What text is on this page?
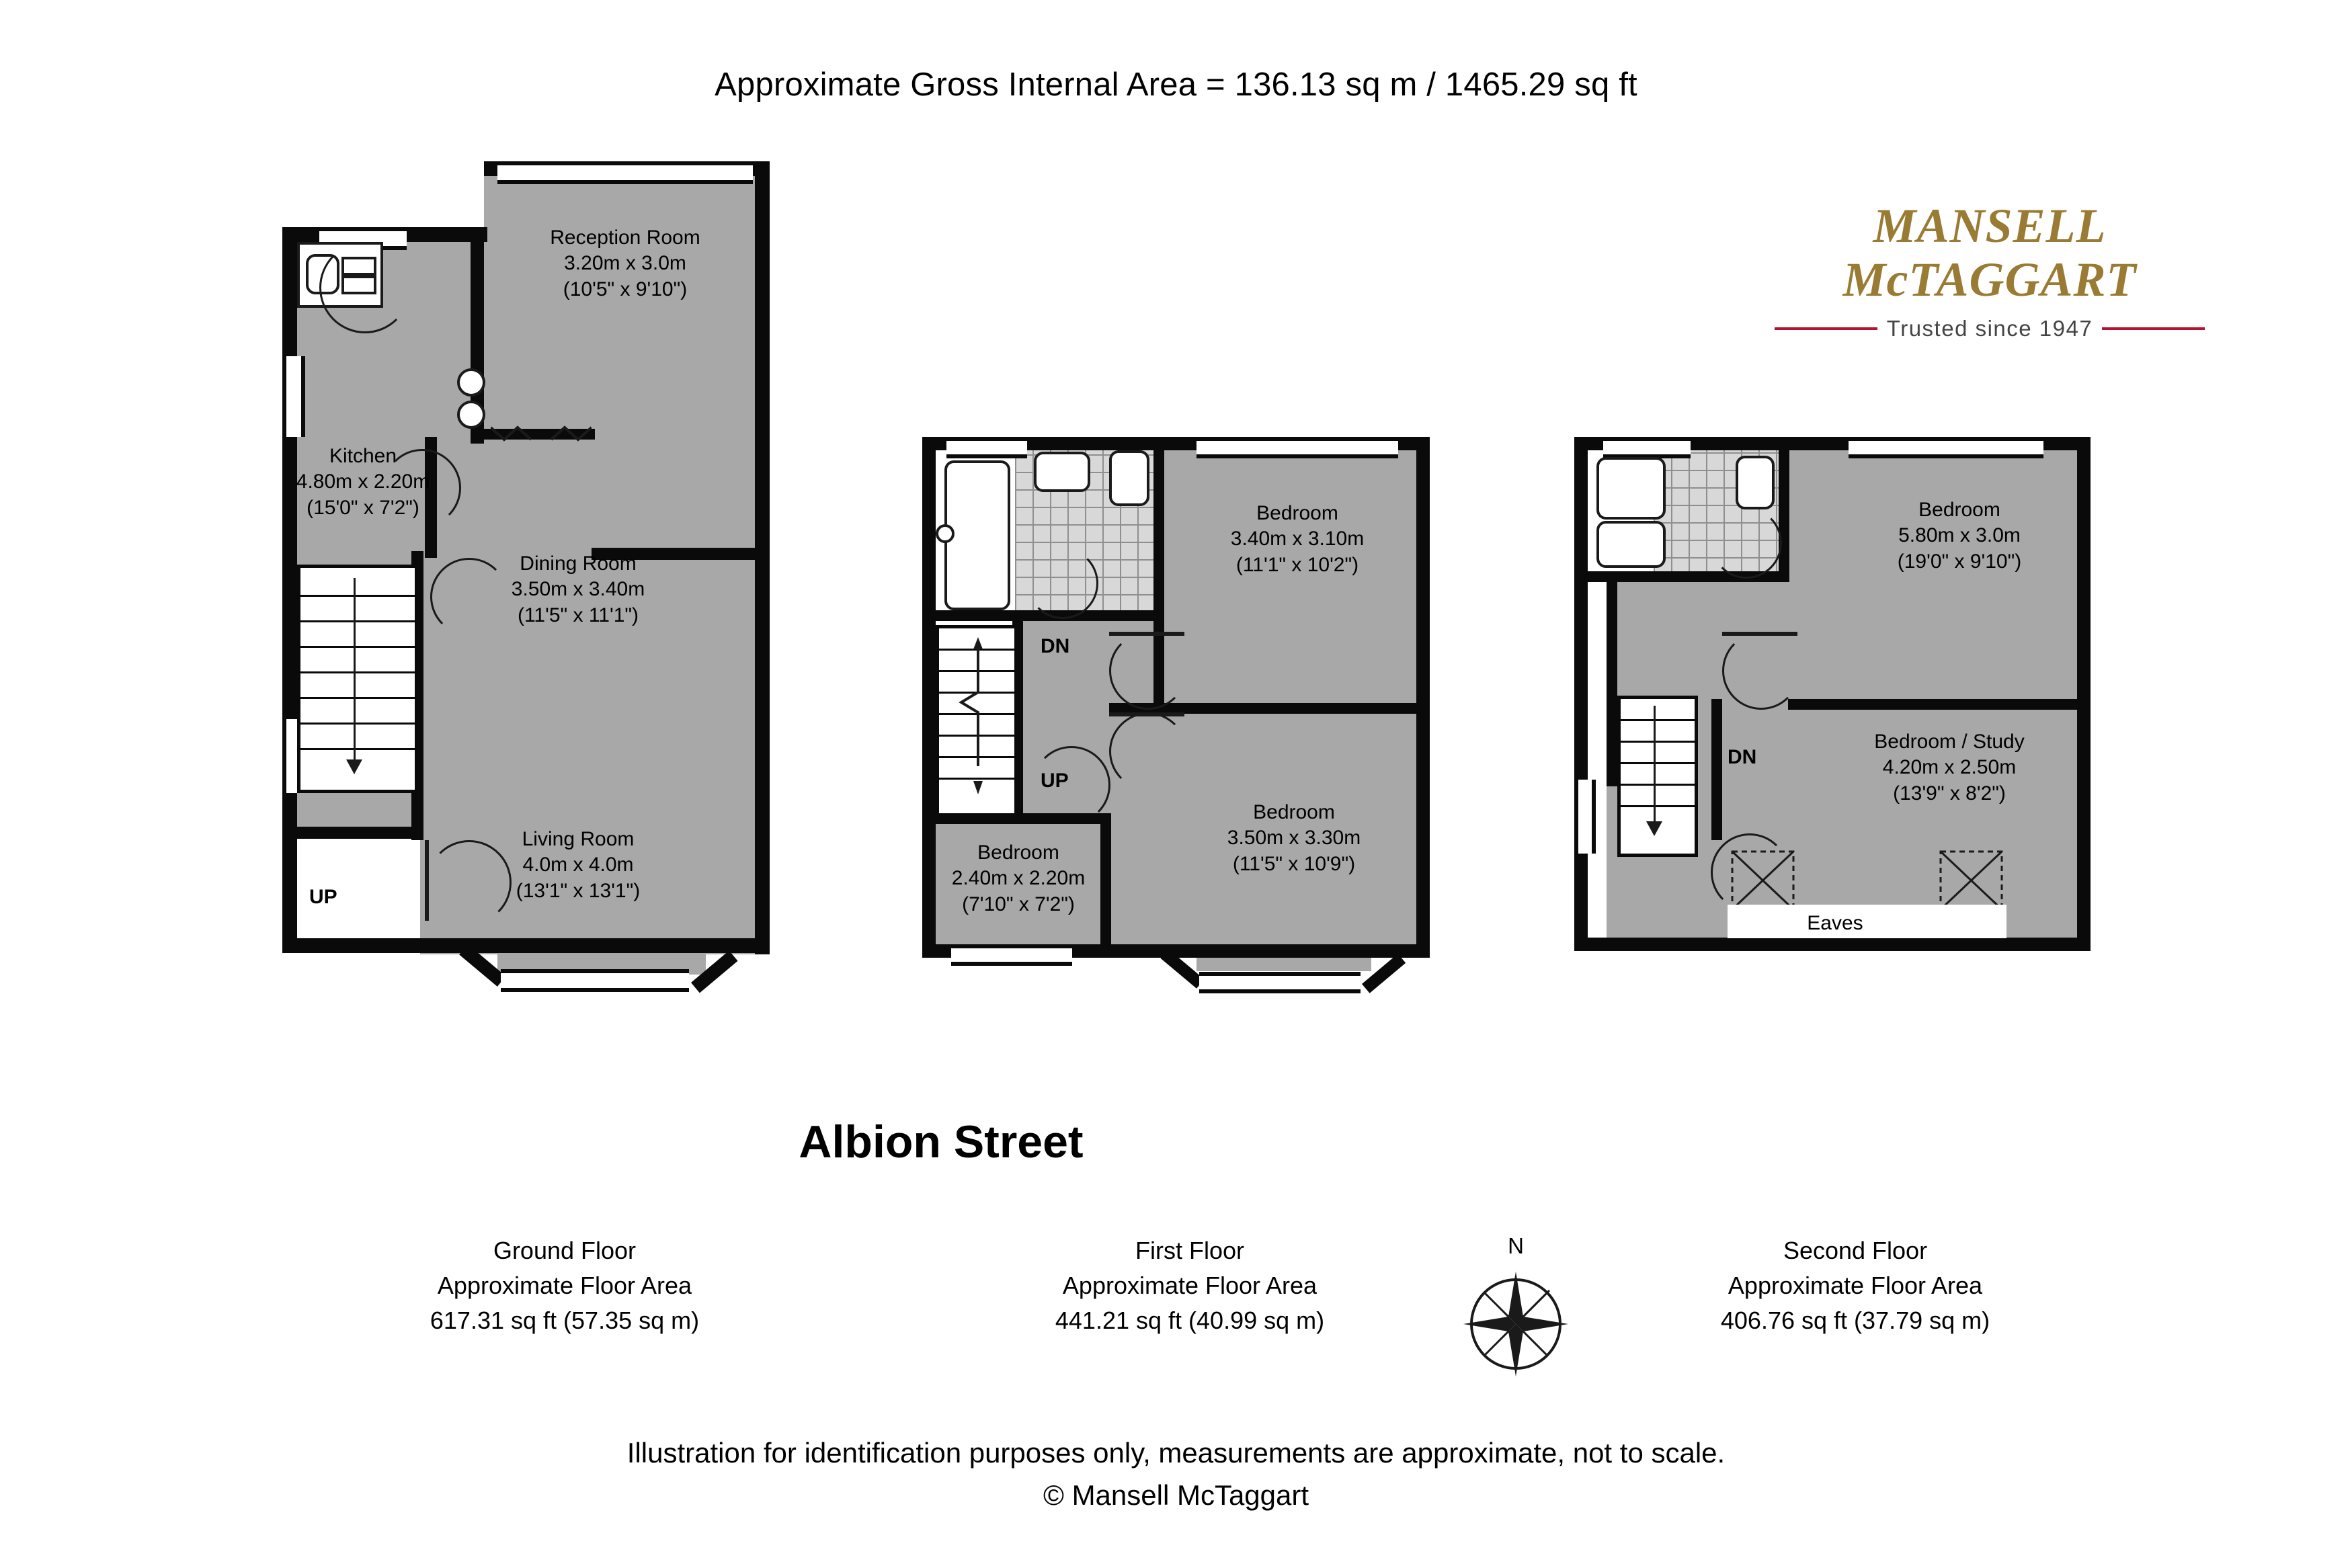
Approximate Gross Internal Area = 136.13 sq m / 1465.29 sq ft
MANSELL
McTAGGART
Trusted since 1947
Reception Room
3.20m x 3.0m
(10'5" x 9'10")
Kitchen
4.80m x 2.20m
(15'0" x 7'2")
Dining Room
3.50m x 3.40m
(11'5" x 11'1")
Living Room
4.0m x 4.0m
(13'1" x 13'1")
UP
Bedroom
3.40m x 3.10m
(11'1" x 10'2")
Bedroom
3.50m x 3.30m
(11'5" x 10'9")
Bedroom
2.40m x 2.20m
(7'10" x 7'2")
DN
UP
Bedroom
5.80m x 3.0m
(19'0" x 9'10")
Bedroom / Study
4.20m x 2.50m
(13'9" x 8'2")
DN
Eaves
Albion Street
Ground Floor
Approximate Floor Area
617.31 sq ft (57.35 sq m)
First Floor
Approximate Floor Area
441.21 sq ft (40.99 sq m)
Second Floor
Approximate Floor Area
406.76 sq ft (37.79 sq m)
N
Illustration for identification purposes only, measurements are approximate, not to scale.
© Mansell McTaggart
